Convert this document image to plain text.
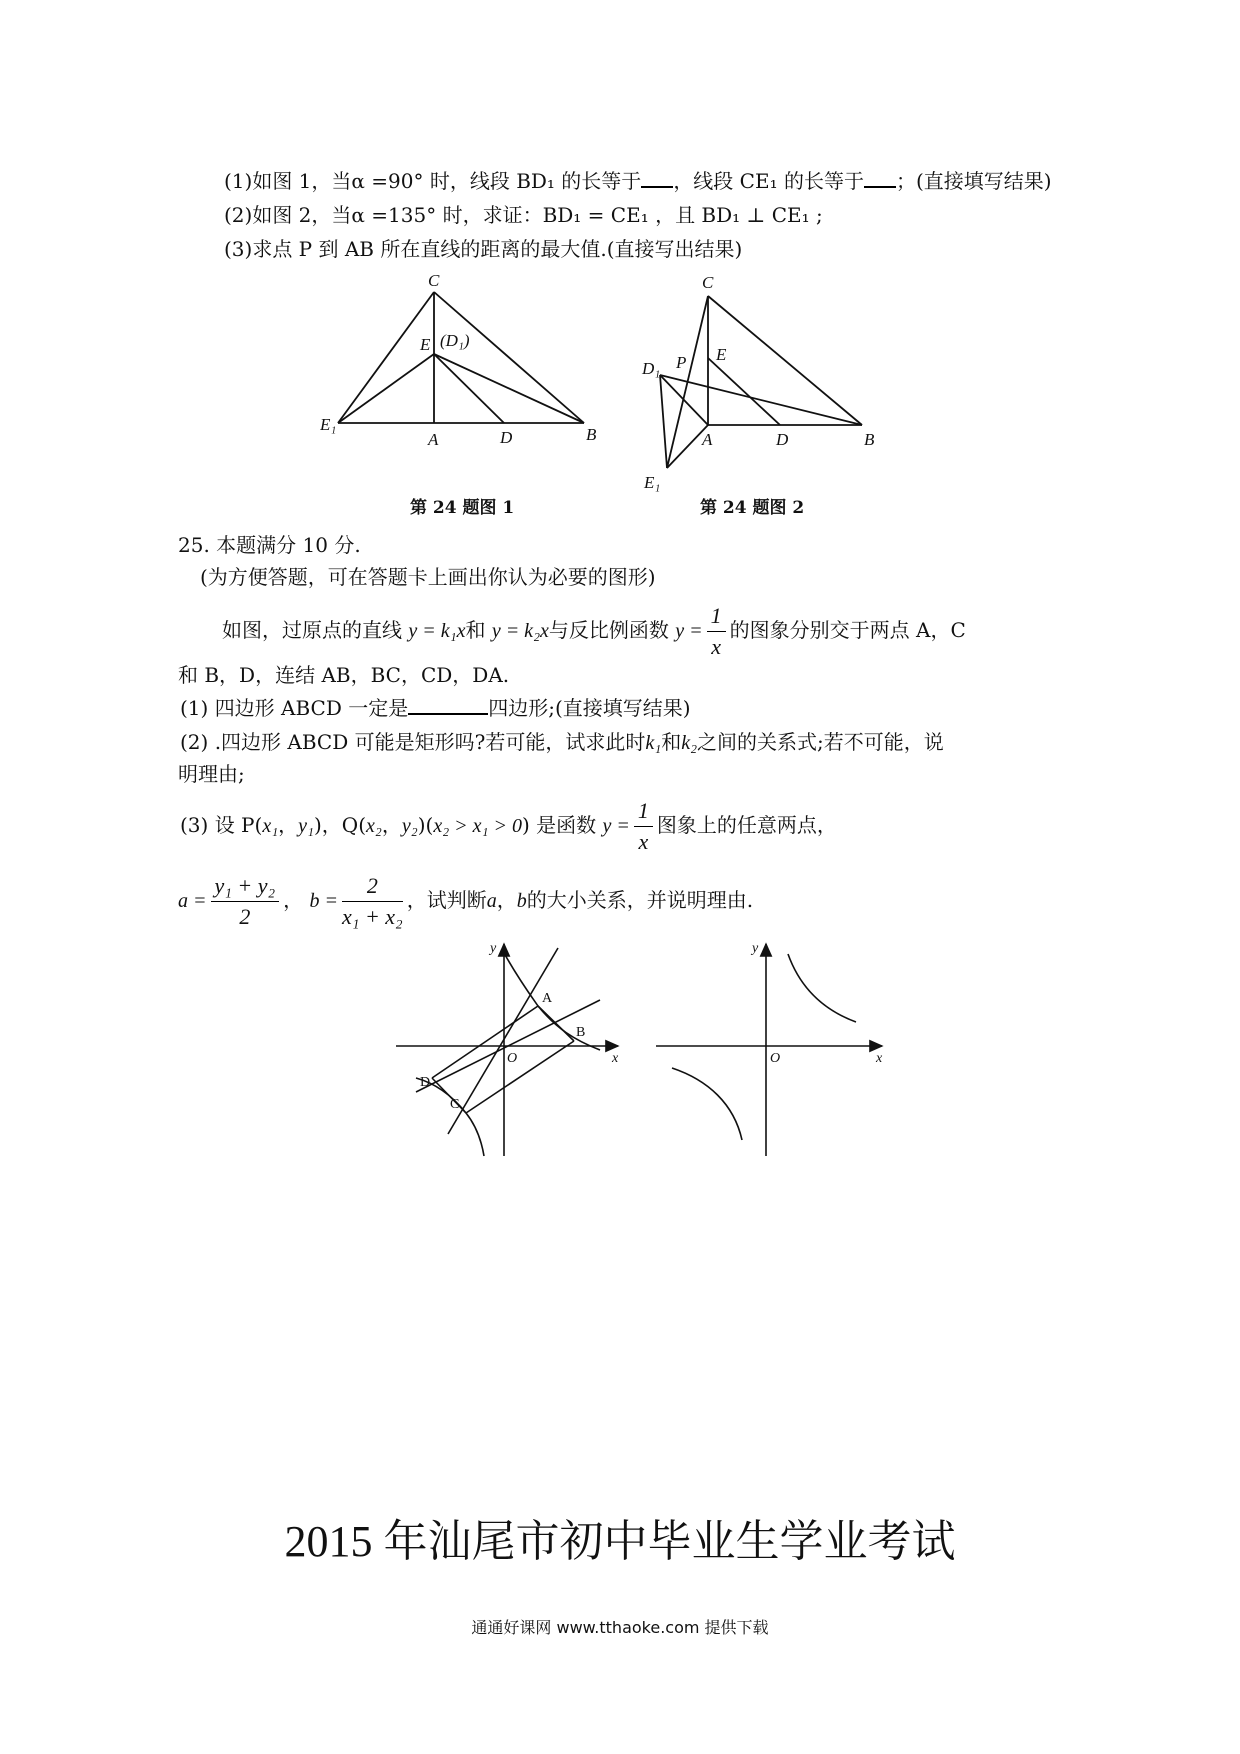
(1)如图 1，当α =90° 时，线段 BD₁ 的长等于 ，线段 CE₁ 的长等于 ；(直接填写结果)
(2)如图 2，当α =135° 时，求证：BD₁ = CE₁ ，且 BD₁ ⊥ CE₁ ;
(3)求点 P 到 AB 所在直线的距离的最大值.(直接写出结果)
C
E (D₁)
E₁
A	D	B
第 24 题图 1
C
E
P
D₁
A	D	B
E₁
第 24 题图 2
25. 本题满分 10 分.
(为方便答题，可在答题卡上画出你认为必要的图形)
如图，过原点的直线 y = k₁x和 y = k₂x与反比例函数 $y = \frac{1}{x}$ 的图象分别交于两点 A，C
和 B，D，连结 AB，BC，CD，DA.
(1) 四边形 ABCD 一定是	四边形;(直接填写结果)
(2) .四边形 ABCD 可能是矩形吗?若可能，试求此时k₁和k₂之间的关系式;若不可能，说
明理由;
(3) 设 P(x₁，y₁)，Q(x₂，y₂)(x₂ > x₁ > 0) 是函数 $y = \frac{1}{x}$ 图象上的任意两点，
$a = \frac{\text{y₁ + y₂}}{2}$ ， $b = \frac{2}{\text{x₁ + x₂}}$ ，试判断a，b的大小关系，并说明理由.
y
x
O
A
B
C
D
y
x
O
2015 年汕尾市初中毕业生学业考试
通通好课网 www.tthaoke.com 提供下载
